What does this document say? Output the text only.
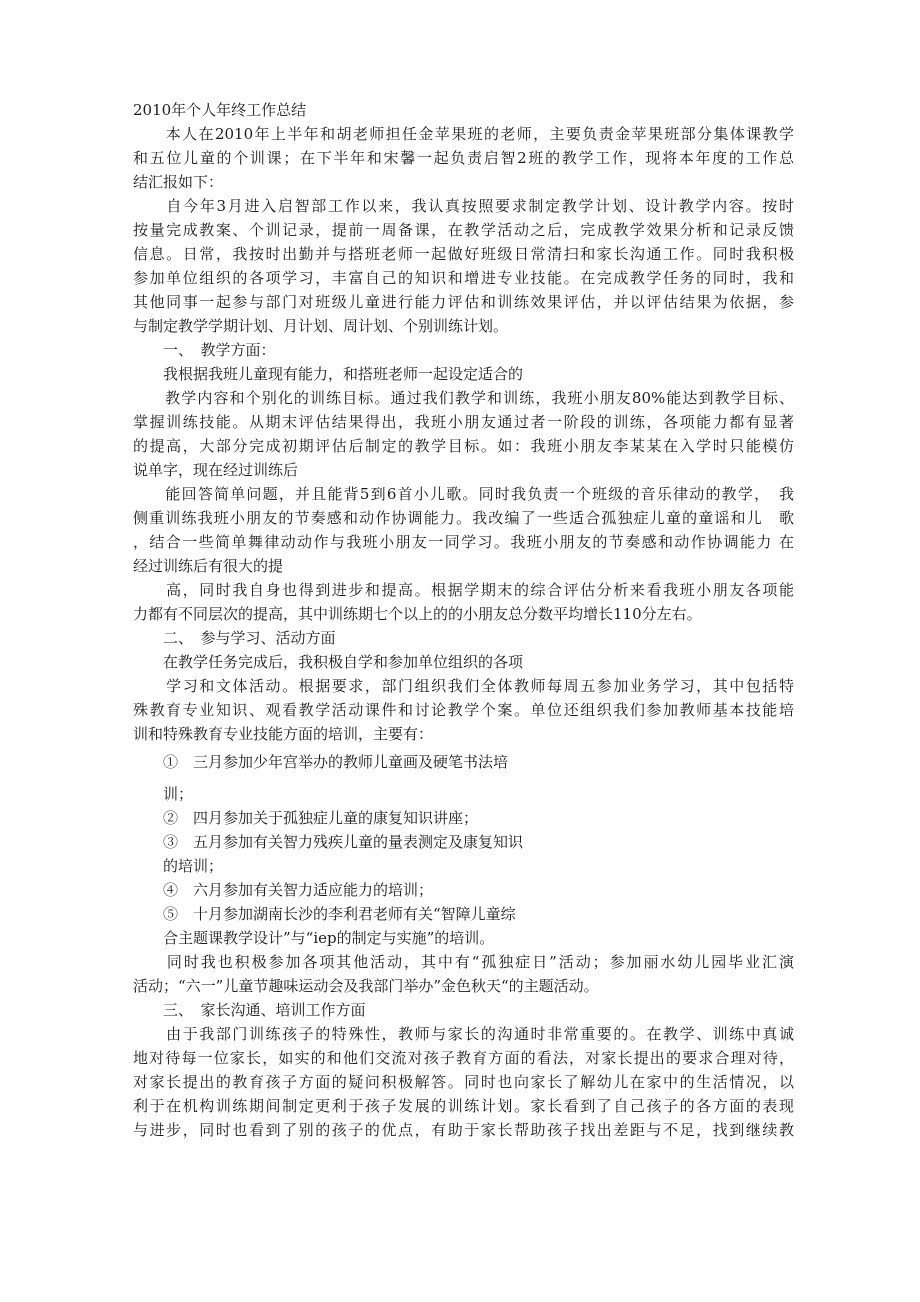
2010年个人年终工作总结

　　本人在2010年上半年和胡老师担任金苹果班的老师，主要负责金苹果班部分集体课教学

和五位儿童的个训课；在下半年和宋馨一起负责启智2班的教学工作，现将本年度的工作总

结汇报如下：

　　自今年3月进入启智部工作以来，我认真按照要求制定教学计划、设计教学内容。按时

按量完成教案、个训记录，提前一周备课，在教学活动之后，完成教学效果分析和记录反馈

信息。日常，我按时出勤并与搭班老师一起做好班级日常清扫和家长沟通工作。同时我积极

参加单位组织的各项学习，丰富自己的知识和增进专业技能。在完成教学任务的同时，我和

其他同事一起参与部门对班级儿童进行能力评估和训练效果评估，并以评估结果为依据，参

与制定教学学期计划、月计划、周计划、个别训练计划。

　　一、　教学方面：

　　我根据我班儿童现有能力，和搭班老师一起设定适合的

　　教学内容和个别化的训练目标。通过我们教学和训练，我班小朋友80%能达到教学目标、

掌握训练技能。从期末评估结果得出，我班小朋友通过者一阶段的训练，各项能力都有显著

的提高，大部分完成初期评估后制定的教学目标。如：我班小朋友李某某在入学时只能模仿

说单字，现在经过训练后

　　能回答简单问题，并且能背5到6首小儿歌。同时我负责一个班级的音乐律动的教学，　我

侧重训练我班小朋友的节奏感和动作协调能力。我改编了一些适合孤独症儿童的童谣和儿　歌

，结合一些简单舞律动动作与我班小朋友一同学习。我班小朋友的节奏感和动作协调能力 在

经过训练后有很大的提

　　高，同时我自身也得到进步和提高。根据学期末的综合评估分析来看我班小朋友各项能

力都有不同层次的提高，其中训练期七个以上的的小朋友总分数平均增长110分左右。

　　二、　参与学习、活动方面

　　在教学任务完成后，我积极自学和参加单位组织的各项

　　学习和文体活动。根据要求，部门组织我们全体教师每周五参加业务学习，其中包括特

殊教育专业知识、观看教学活动课件和讨论教学个案。单位还组织我们参加教师基本技能培

训和特殊教育专业技能方面的培训，主要有：

　　①　三月参加少年宫举办的教师儿童画及硬笔书法培

　　训；

　　②　四月参加关于孤独症儿童的康复知识讲座；

　　③　五月参加有关智力残疾儿童的量表测定及康复知识

　　的培训；

　　④　六月参加有关智力适应能力的培训；

　　⑤　十月参加湖南长沙的李利君老师有关“智障儿童综

　　合主题课教学设计”与“iep的制定与实施”的培训。

　　同时我也积极参加各项其他活动，其中有“孤独症日”活动；参加丽水幼儿园毕业汇演

活动；“六一”儿童节趣味运动会及我部门举办”金色秋天“的主题活动。

　　三、　家长沟通、培训工作方面

　　由于我部门训练孩子的特殊性，教师与家长的沟通时非常重要的。在教学、训练中真诚

地对待每一位家长，如实的和他们交流对孩子教育方面的看法，对家长提出的要求合理对待，

对家长提出的教育孩子方面的疑问积极解答。同时也向家长了解幼儿在家中的生活情况，以

利于在机构训练期间制定更利于孩子发展的训练计划。家长看到了自己孩子的各方面的表现

与进步，同时也看到了别的孩子的优点，有助于家长帮助孩子找出差距与不足，找到继续教
